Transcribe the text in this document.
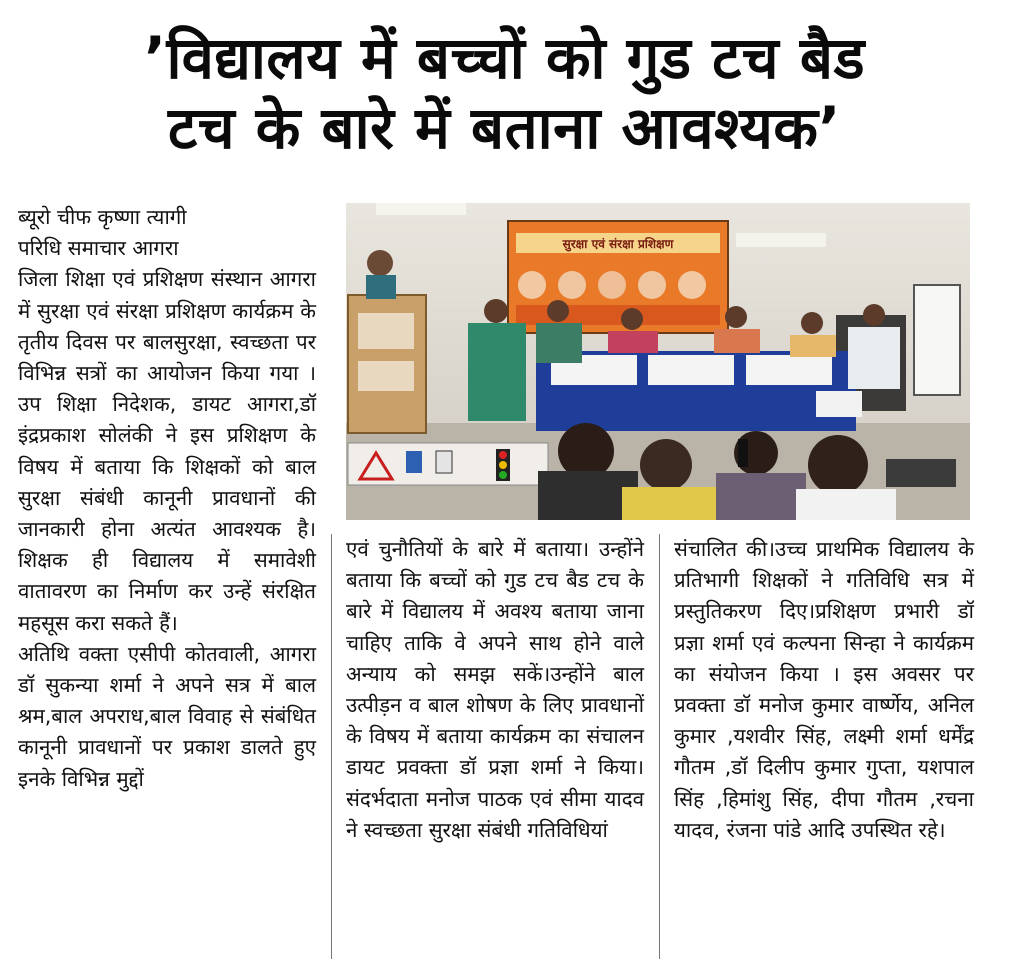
’विद्यालय में बच्चों को गुड टच बैड
टच के बारे में बताना आवश्यक’

ब्यूरो चीफ कृष्णा त्यागी

परिधि समाचार आगरा

जिला शिक्षा एवं प्रशिक्षण संस्थान आगरा में सुरक्षा एवं संरक्षा प्रशिक्षण कार्यक्रम के तृतीय दिवस पर बालसुरक्षा, स्वच्छता पर विभिन्न सत्रों का आयोजन किया गया ।उप शिक्षा निदेशक, डायट आगरा,डॉ इंद्रप्रकाश सोलंकी ने इस प्रशिक्षण के विषय में बताया कि शिक्षकों को बाल सुरक्षा संबंधी कानूनी प्रावधानों की जानकारी होना अत्यंत आवश्यक है।शिक्षक ही विद्यालय में समावेशी वातावरण का निर्माण कर उन्हें संरक्षित महसूस करा सकते हैं।

अतिथि वक्ता एसीपी कोतवाली, आगरा डॉ सुकन्या शर्मा ने अपने सत्र में बाल श्रम,बाल अपराध,बाल विवाह से संबंधित कानूनी प्रावधानों पर प्रकाश डालते हुए इनके विभिन्न मुद्दों

सुरक्षा एवं संरक्षा प्रशिक्षण

एवं चुनौतियों के बारे में बताया। उन्होंने बताया कि बच्चों को गुड टच बैड टच के बारे में विद्यालय में अवश्य बताया जाना चाहिए ताकि वे अपने साथ होने वाले अन्याय को समझ सकें।उन्होंने बाल उत्पीड़न व बाल शोषण के लिए प्रावधानों के विषय में बताया कार्यक्रम का संचालन डायट प्रवक्ता डॉ प्रज्ञा शर्मा ने किया। संदर्भदाता मनोज पाठक एवं सीमा यादव ने स्वच्छता सुरक्षा संबंधी गतिविधियां

संचालित की।उच्च प्राथमिक विद्यालय के प्रतिभागी शिक्षकों ने गतिविधि सत्र में प्रस्तुतिकरण दिए।प्रशिक्षण प्रभारी डॉ प्रज्ञा शर्मा एवं कल्पना सिन्हा ने कार्यक्रम का संयोजन किया । इस अवसर पर प्रवक्ता डॉ मनोज कुमार वार्ष्णेय, अनिल कुमार ,यशवीर सिंह, लक्ष्मी शर्मा धर्मेंद्र गौतम ,डॉ दिलीप कुमार गुप्ता, यशपाल सिंह ,हिमांशु सिंह, दीपा गौतम ,रचना यादव, रंजना पांडे आदि उपस्थित रहे।
